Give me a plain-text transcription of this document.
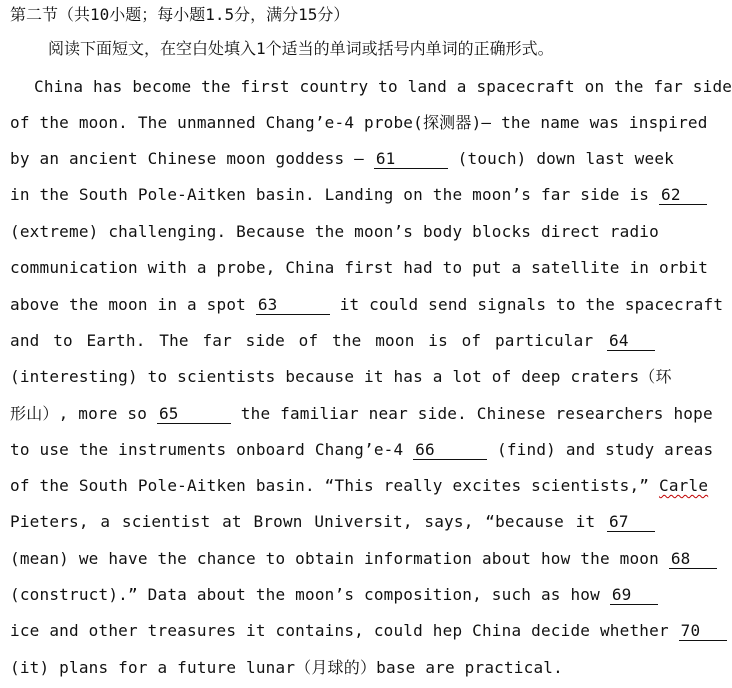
第二节（共10小题；每小题1.5分，满分15分）
阅读下面短文，在空白处填入1个适当的单词或括号内单词的正确形式。
China has become the first country to land a spacecraft on the far side
of the moon. The unmanned Chang’e-4 probe(探测器)— the name was inspired
by an ancient Chinese moon goddess — 61	(touch) down last week
in the South Pole-Aitken basin. Landing on the moon’s far side is 62
(extreme) challenging. Because the moon’s body blocks direct radio
communication with a probe, China first had to put a satellite in orbit
above the moon in a spot 63	it could send signals to the spacecraft
and to Earth. The far side of the moon is of particular 64
(interesting) to scientists because it has a lot of deep craters（环
形山）, more so 65	the familiar near side. Chinese researchers hope
to use the instruments onboard Chang’e-4 66	(find) and study areas
of the South Pole-Aitken basin. “This really excites scientists,” Carle
Pieters, a scientist at Brown Universit, says, “because it 67
(mean) we have the chance to obtain information about how the moon 68
(construct).” Data about the moon’s composition, such as how 69
ice and other treasures it contains, could hep China decide whether 70
(it) plans for a future lunar（月球的）base are practical.
